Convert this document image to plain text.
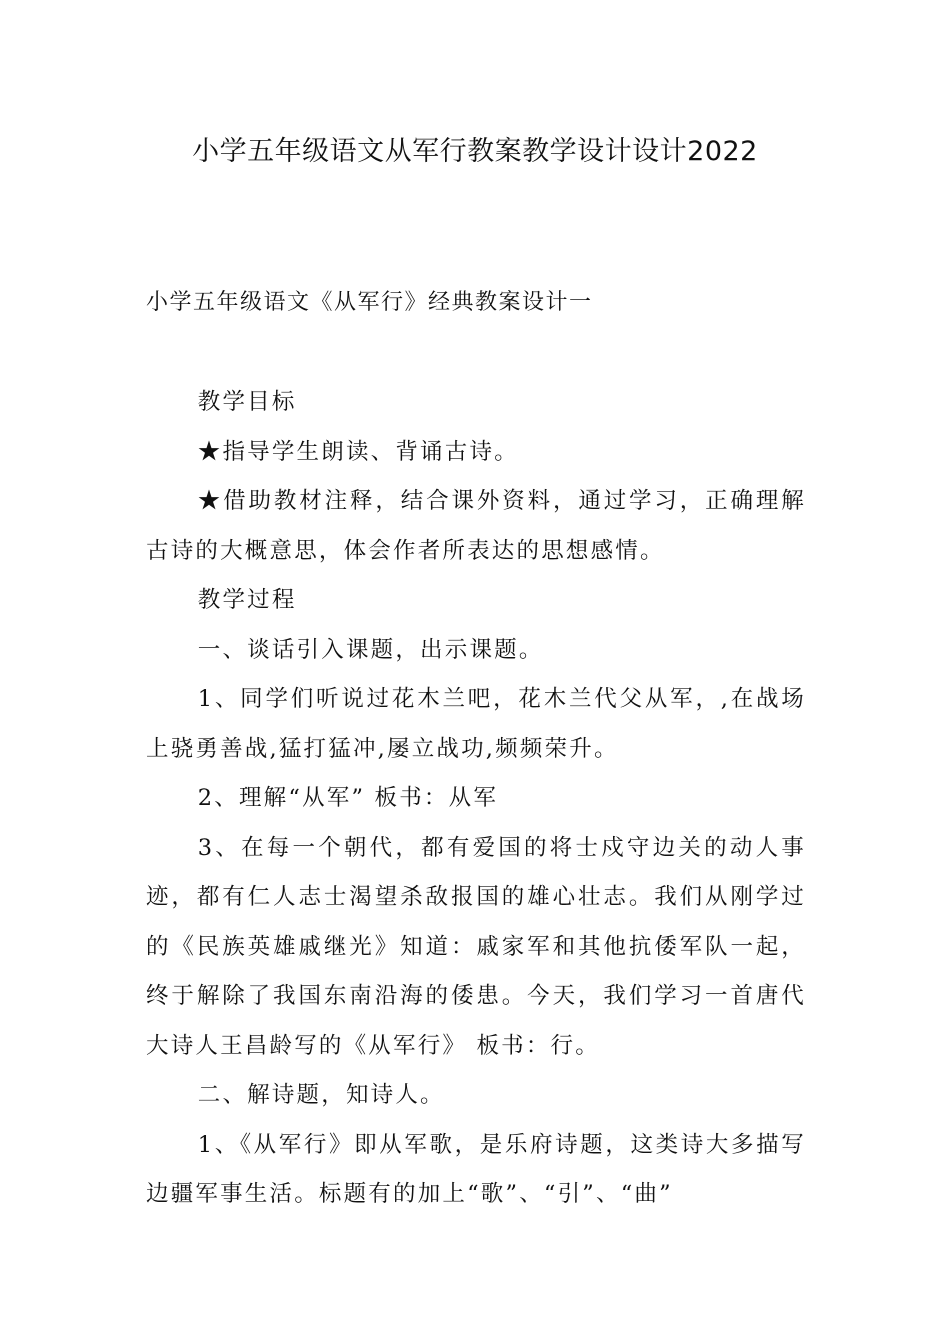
小学五年级语文从军行教案教学设计设计2022
小学五年级语文《从军行》经典教案设计一

教学目标

★指导学生朗读、背诵古诗。

★借助教材注释，结合课外资料，通过学习，正确理解古诗的大概意思，体会作者所表达的思想感情。

教学过程

一、谈话引入课题，出示课题。

1、同学们听说过花木兰吧，花木兰代父从军，,在战场上骁勇善战,猛打猛冲,屡立战功,频频荣升。

2、理解“从军” 板书：从军

3、在每一个朝代，都有爱国的将士戍守边关的动人事迹，都有仁人志士渴望杀敌报国的雄心壮志。我们从刚学过的《民族英雄戚继光》知道：戚家军和其他抗倭军队一起，终于解除了我国东南沿海的倭患。今天，我们学习一首唐代大诗人王昌龄写的《从军行》 板书：行。

二、解诗题，知诗人。

1、《从军行》即从军歌，是乐府诗题，这类诗大多描写边疆军事生活。标题有的加上“歌”、“引”、“曲”
